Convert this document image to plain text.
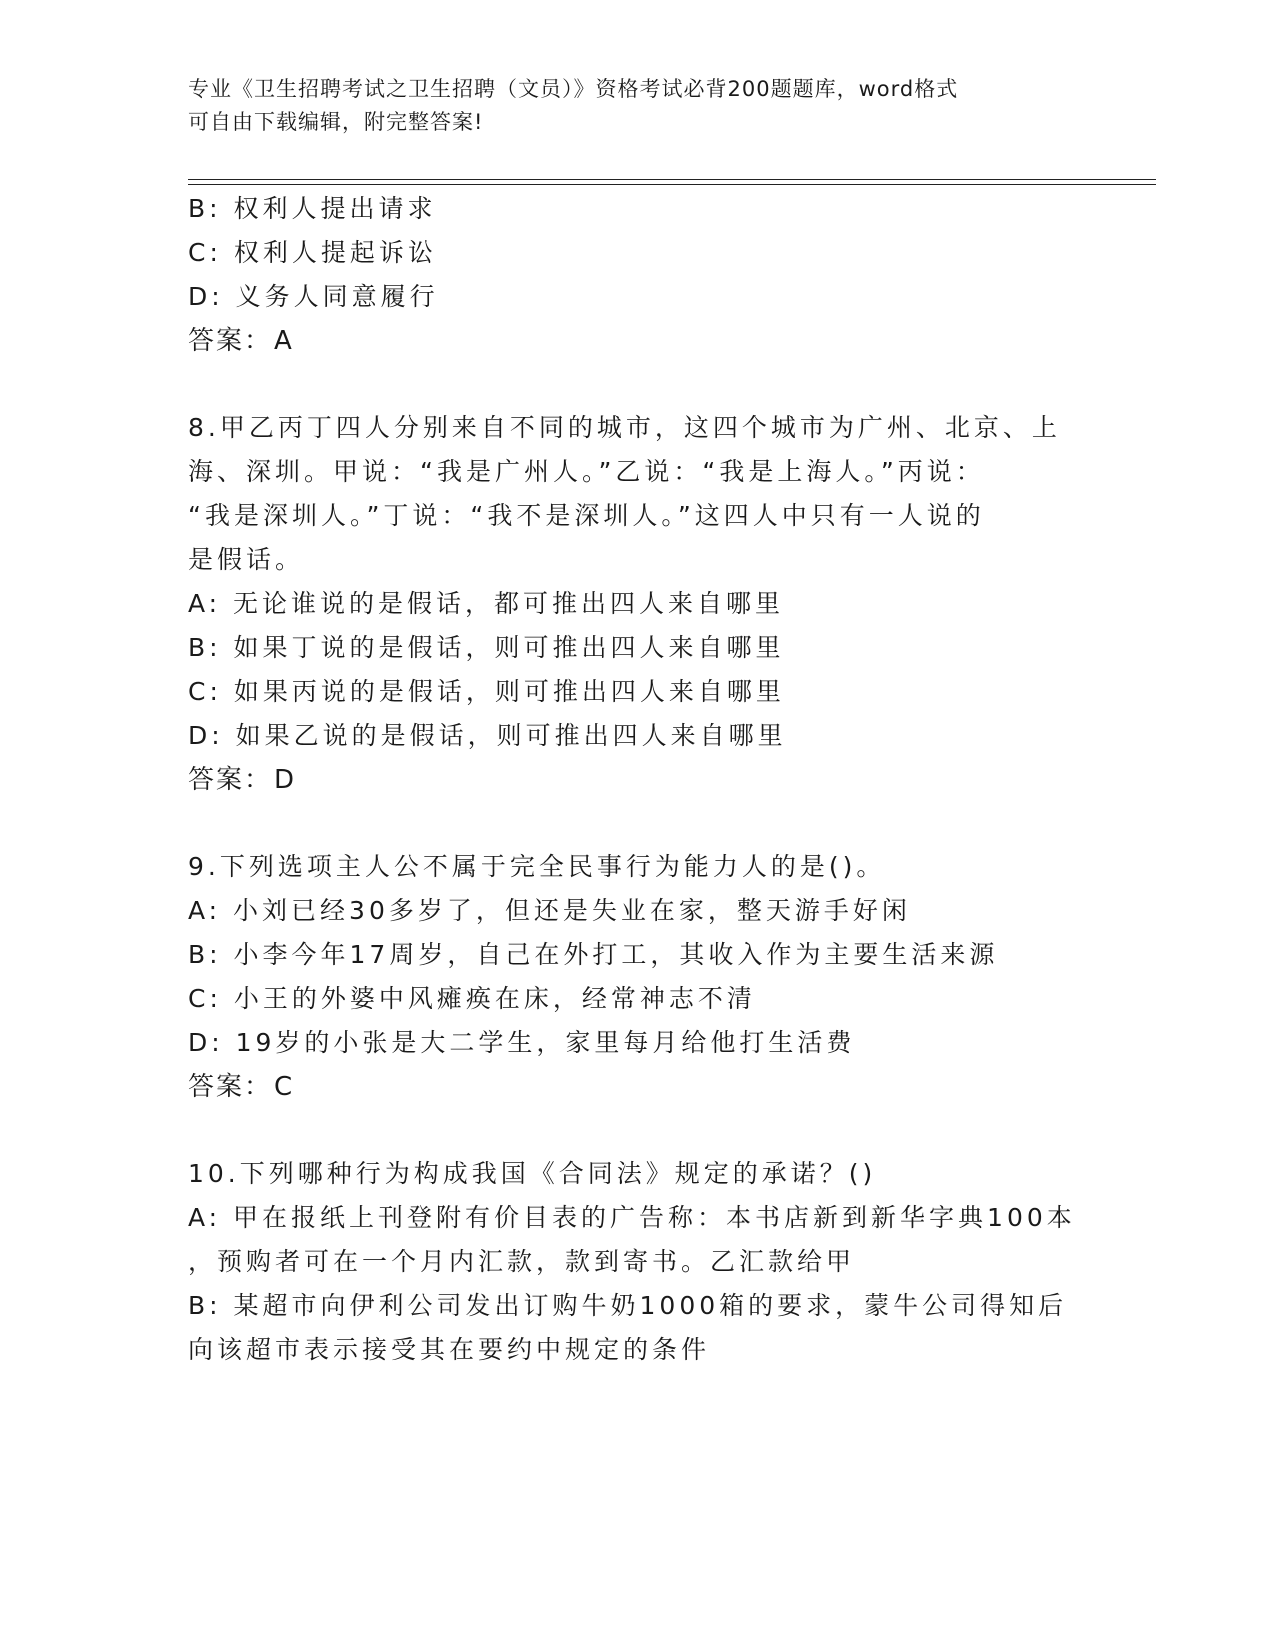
专业《卫生招聘考试之卫生招聘（文员）》资格考试必背200题题库，word格式
可自由下载编辑，附完整答案!
B: 权利人提出请求
C: 权利人提起诉讼
D: 义务人同意履行
答案：A
8.甲乙丙丁四人分别来自不同的城市，这四个城市为广州、北京、上
海、深圳。甲说：“我是广州人。”乙说：“我是上海人。”丙说：
“我是深圳人。”丁说：“我不是深圳人。”这四人中只有一人说的
是假话。
A: 无论谁说的是假话，都可推出四人来自哪里
B: 如果丁说的是假话，则可推出四人来自哪里
C: 如果丙说的是假话，则可推出四人来自哪里
D: 如果乙说的是假话，则可推出四人来自哪里
答案：D
9.下列选项主人公不属于完全民事行为能力人的是()。
A: 小刘已经30多岁了，但还是失业在家，整天游手好闲
B: 小李今年17周岁，自己在外打工，其收入作为主要生活来源
C: 小王的外婆中风瘫痪在床，经常神志不清
D: 19岁的小张是大二学生，家里每月给他打生活费
答案：C
10.下列哪种行为构成我国《合同法》规定的承诺？()
A: 甲在报纸上刊登附有价目表的广告称：本书店新到新华字典100本
，预购者可在一个月内汇款，款到寄书。乙汇款给甲
B: 某超市向伊利公司发出订购牛奶1000箱的要求，蒙牛公司得知后
向该超市表示接受其在要约中规定的条件
